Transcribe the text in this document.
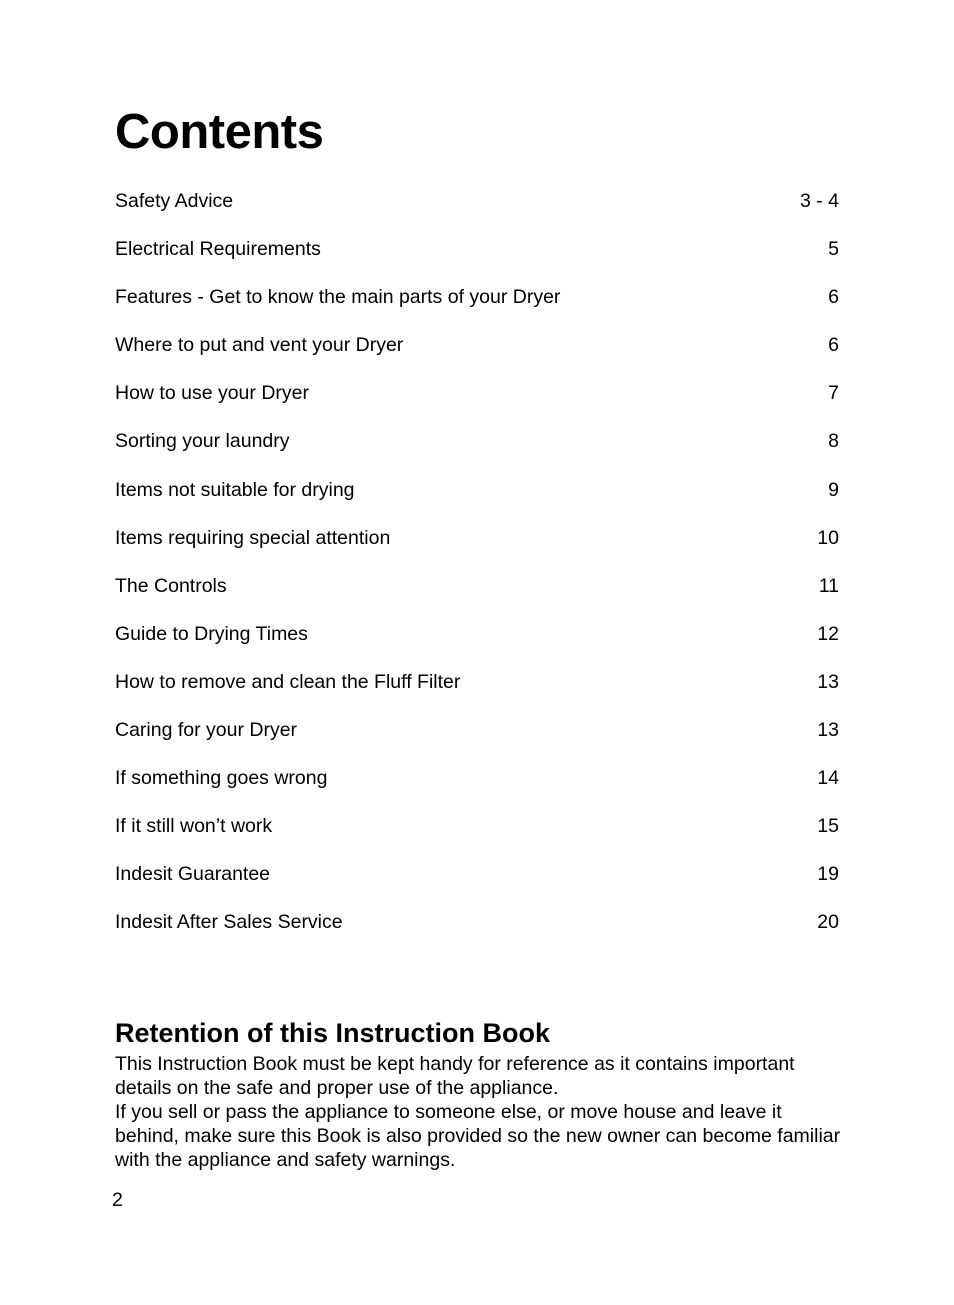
Contents
Safety Advice	3 - 4
Electrical Requirements	5
Features - Get to know the main parts of your Dryer	6
Where to put and vent your Dryer	6
How to use your Dryer	7
Sorting your laundry	8
Items not suitable for drying	9
Items requiring special attention	10
The Controls	11
Guide to Drying Times	12
How to remove and clean the Fluff Filter	13
Caring for your Dryer	13
If something goes wrong	14
If it still won’t work	15
Indesit Guarantee	19
Indesit After Sales Service	20
Retention of this Instruction Book

This Instruction Book must be kept handy for reference as it contains important details on the safe and proper use of the appliance.

If you sell or pass the appliance to someone else, or move house and leave it behind, make sure this Book is also provided so the new owner can become familiar with the appliance and safety warnings.

2
